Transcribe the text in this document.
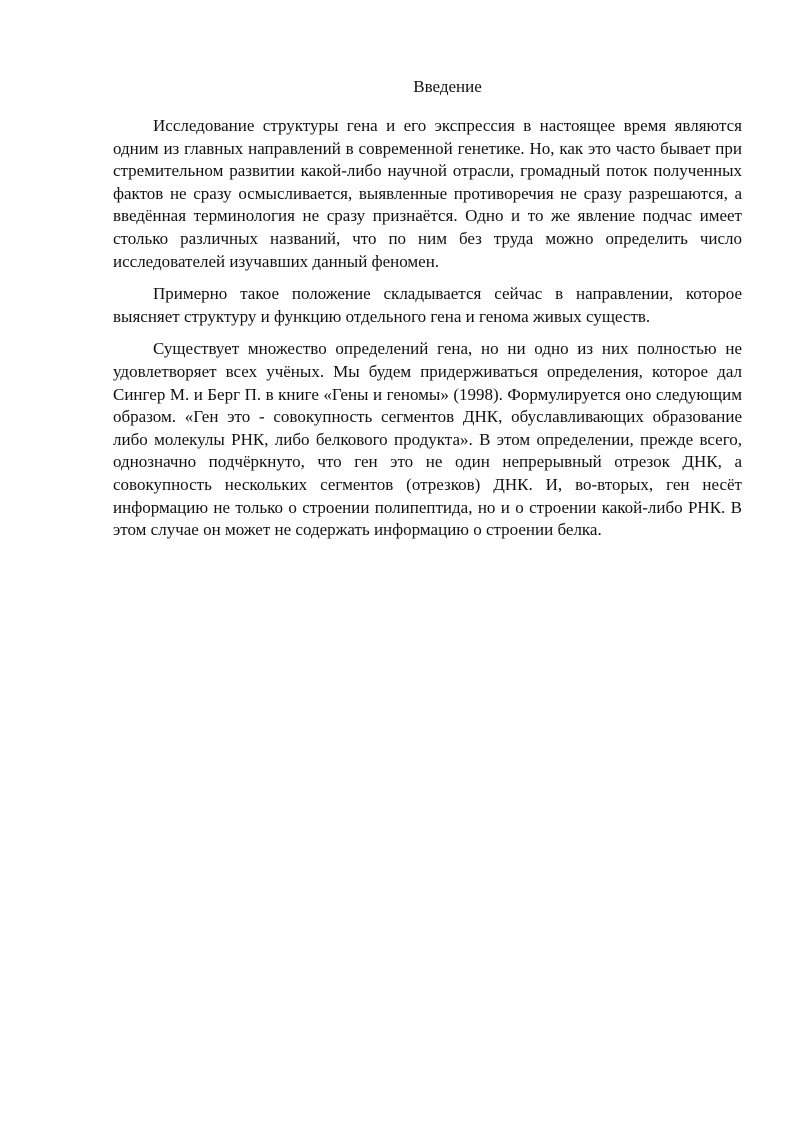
Введение

Исследование структуры гена и его экспрессия в настоящее время являются одним из главных направлений в современной генетике. Но, как это часто бывает при стремительном развитии какой-либо научной отрасли, громадный поток полученных фактов не сразу осмысливается, выявленные противоречия не сразу разрешаются, а введённая терминология не сразу признаётся. Одно и то же явление подчас имеет столько различных названий, что по ним без труда можно определить число исследователей изучавших данный феномен.

Примерно такое положение складывается сейчас в направлении, которое выясняет структуру и функцию отдельного гена и генома живых существ.

Существует множество определений гена, но ни одно из них полностью не удовлетворяет всех учёных. Мы будем придерживаться определения, которое дал Сингер М. и Берг П. в книге «Гены и геномы» (1998). Формулируется оно следующим образом. «Ген это - совокупность сегментов ДНК, обуславливающих образование либо молекулы РНК, либо белкового продукта». В этом определении, прежде всего, однозначно подчёркнуто, что ген это не один непрерывный отрезок ДНК, а совокупность нескольких сегментов (отрезков) ДНК. И, во-вторых, ген несёт информацию не только о строении полипептида, но и о строении какой-либо РНК. В этом случае он может не содержать информацию о строении белка.
